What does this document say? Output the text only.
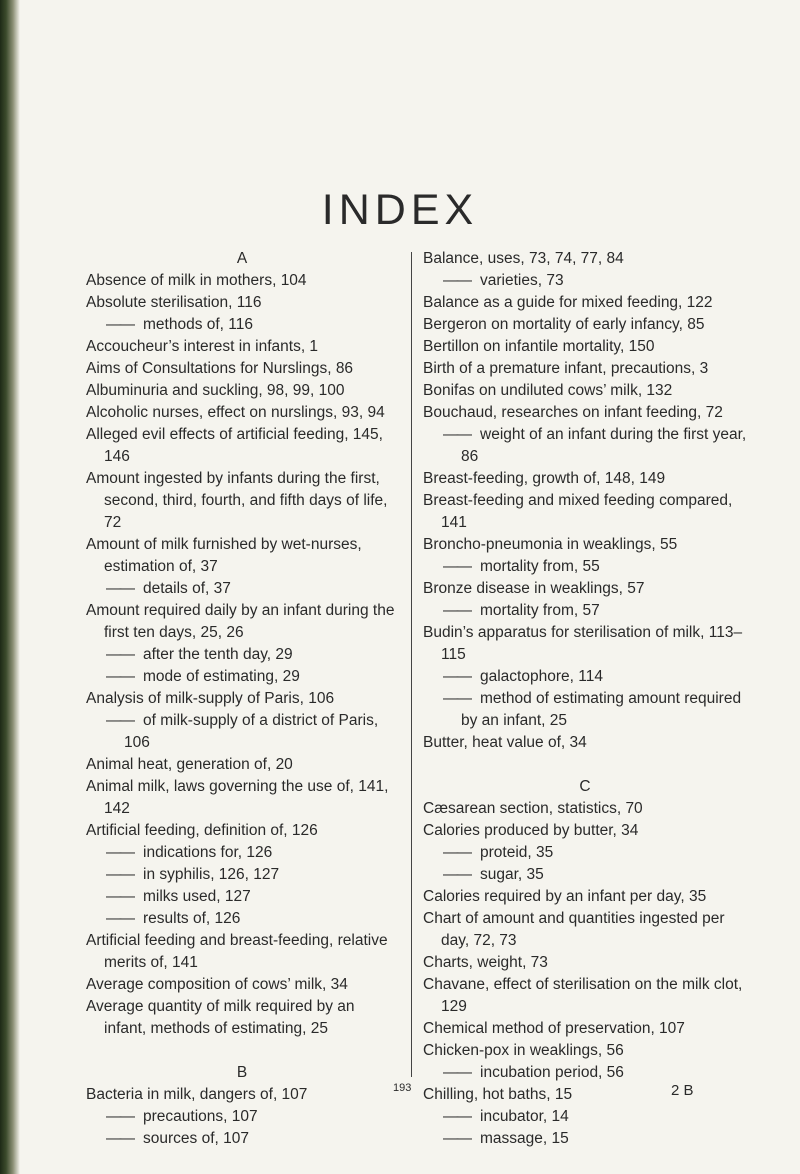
INDEX

A

Absence of milk in mothers, 104

Absolute sterilisation, 116

—— methods of, 116

Accoucheur’s interest in infants, 1

Aims of Consultations for Nurslings, 86

Albuminuria and suckling, 98, 99, 100

Alcoholic nurses, effect on nurslings, 93, 94

Alleged evil effects of artificial feeding, 145, 146

Amount ingested by infants during the first, second, third, fourth, and fifth days of life, 72

Amount of milk furnished by wet-nurses, estimation of, 37

—— details of, 37

Amount required daily by an infant during the first ten days, 25, 26

—— after the tenth day, 29

—— mode of estimating, 29

Analysis of milk-supply of Paris, 106

—— of milk-supply of a district of Paris, 106

Animal heat, generation of, 20

Animal milk, laws governing the use of, 141, 142

Artificial feeding, definition of, 126

—— indications for, 126

—— in syphilis, 126, 127

—— milks used, 127

—— results of, 126

Artificial feeding and breast-feeding, relative merits of, 141

Average composition of cows’ milk, 34

Average quantity of milk required by an infant, methods of estimating, 25

B

Bacteria in milk, dangers of, 107

—— precautions, 107

—— sources of, 107

Balance, uses, 73, 74, 77, 84

—— varieties, 73

Balance as a guide for mixed feeding, 122

Bergeron on mortality of early infancy, 85

Bertillon on infantile mortality, 150

Birth of a premature infant, precautions, 3

Bonifas on undiluted cows’ milk, 132

Bouchaud, researches on infant feeding, 72

—— weight of an infant during the first year, 86

Breast-feeding, growth of, 148, 149

Breast-feeding and mixed feeding compared, 141

Broncho-pneumonia in weaklings, 55

—— mortality from, 55

Bronze disease in weaklings, 57

—— mortality from, 57

Budin’s apparatus for sterilisation of milk, 113–115

—— galactophore, 114

—— method of estimating amount required by an infant, 25

Butter, heat value of, 34

C

Cæsarean section, statistics, 70

Calories produced by butter, 34

—— proteid, 35

—— sugar, 35

Calories required by an infant per day, 35

Chart of amount and quantities ingested per day, 72, 73

Charts, weight, 73

Chavane, effect of sterilisation on the milk clot, 129

Chemical method of preservation, 107

Chicken-pox in weaklings, 56

—— incubation period, 56

Chilling, hot baths, 15

—— incubator, 14

—— massage, 15

193	2 B
